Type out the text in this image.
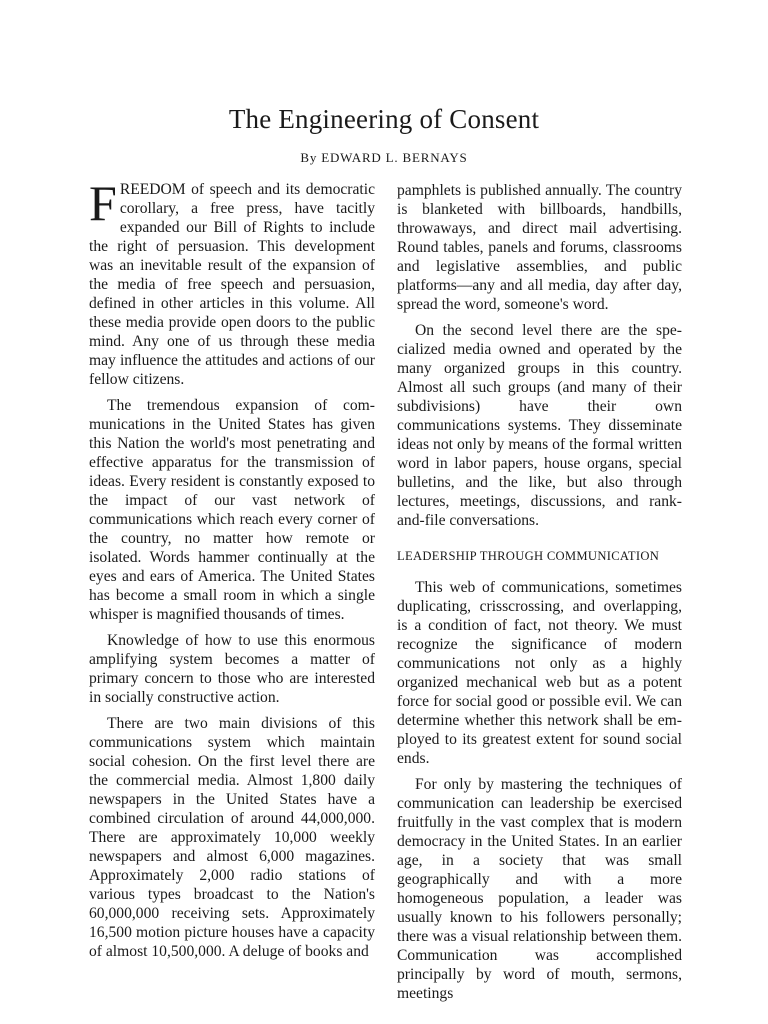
The Engineering of Consent
By EDWARD L. BERNAYS

FREEDOM of speech and its democratic corollary, a free press, have tacitly expanded our Bill of Rights to include the right of persuasion. This development was an inevitable result of the expansion of the media of free speech and persuasion, defined in other articles in this volume. All these media provide open doors to the public mind. Any one of us through these media may influence the attitudes and actions of our fellow citizens.

The tremendous expansion of communications in the United States has given this Nation the world's most penetrating and effective apparatus for the transmission of ideas. Every resident is constantly exposed to the impact of our vast network of communications which reach every corner of the country, no matter how remote or isolated. Words hammer continually at the eyes and ears of America. The United States has become a small room in which a single whisper is magnified thousands of times.

Knowledge of how to use this enormous amplifying system becomes a matter of primary concern to those who are interested in socially constructive action.

There are two main divisions of this communications system which maintain social cohesion. On the first level there are the commercial media. Almost 1,800 daily newspapers in the United States have a combined circulation of around 44,000,000. There are approximately 10,000 weekly newspapers and almost 6,000 magazines. Approximately 2,000 radio stations of various types broadcast to the Nation's 60,000,000 receiving sets. Approximately 16,500 motion picture houses have a capacity of almost 10,500,000. A deluge of books and

pamphlets is published annually. The country is blanketed with billboards, handbills, throwaways, and direct mail advertising. Round tables, panels and forums, classrooms and legislative assemblies, and public platforms—any and all media, day after day, spread the word, someone's word.

On the second level there are the specialized media owned and operated by the many organized groups in this country. Almost all such groups (and many of their subdivisions) have their own communications systems. They disseminate ideas not only by means of the formal written word in labor papers, house organs, special bulletins, and the like, but also through lectures, meetings, discussions, and rank-and-file conversations.

LEADERSHIP THROUGH COMMUNICATION

This web of communications, sometimes duplicating, crisscrossing, and overlapping, is a condition of fact, not theory. We must recognize the significance of modern communications not only as a highly organized mechanical web but as a potent force for social good or possible evil. We can determine whether this network shall be employed to its greatest extent for sound social ends.

For only by mastering the techniques of communication can leadership be exercised fruitfully in the vast complex that is modern democracy in the United States. In an earlier age, in a society that was small geographically and with a more homogeneous population, a leader was usually known to his followers personally; there was a visual relationship between them. Communication was accomplished principally by word of mouth, sermons, meetings
